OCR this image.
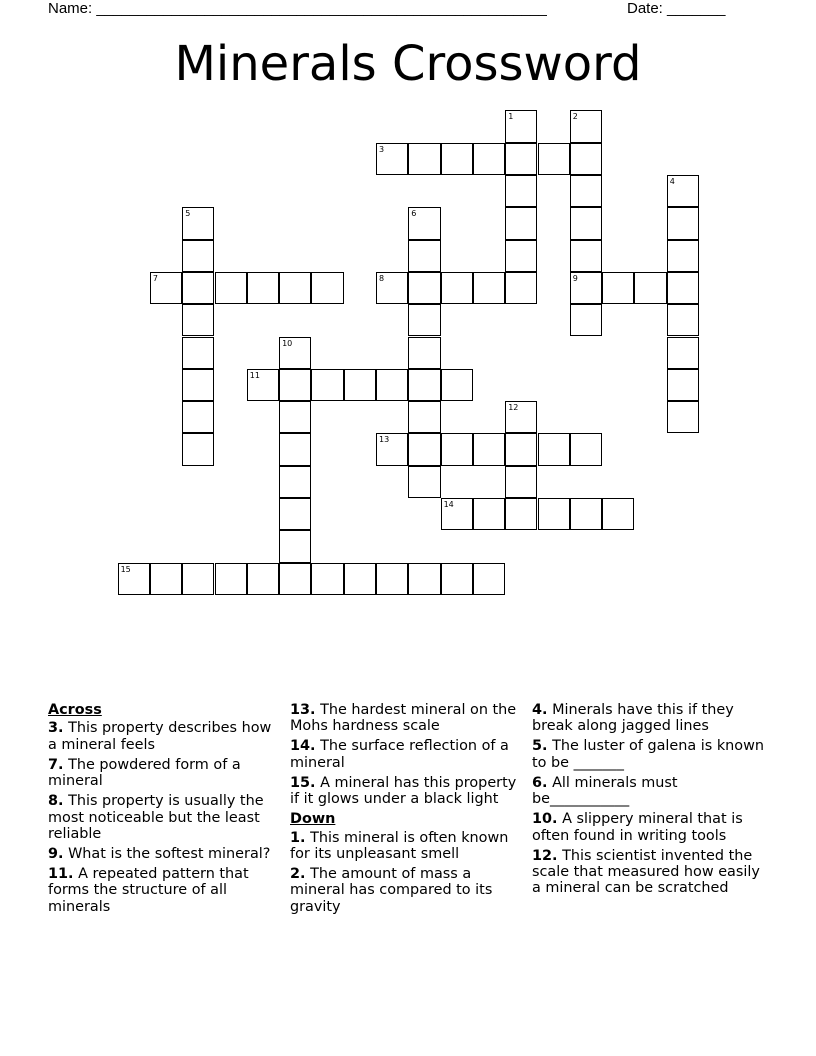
Name: ______________________________________________________	Date: _______
Minerals Crossword
1	2
9
3
4
5	6
7	8
10
11
12
13
14
15

Across

3. This property describes how a mineral feels

7. The powdered form of a mineral

8. This property is usually the most noticeable but the least reliable

9. What is the softest mineral?

11. A repeated pattern that forms the structure of all minerals

13. The hardest mineral on the Mohs hardness scale

14. The surface reflection of a mineral

15. A mineral has this property if it glows under a black light

Down

1. This mineral is often known for its unpleasant smell

2. The amount of mass a mineral has compared to its gravity

4. Minerals have this if they break along jagged lines

5. The luster of galena is known to be _______

6. All minerals must be___________

10. A slippery mineral that is often found in writing tools

12. This scientist invented the scale that measured how easily a mineral can be scratched
